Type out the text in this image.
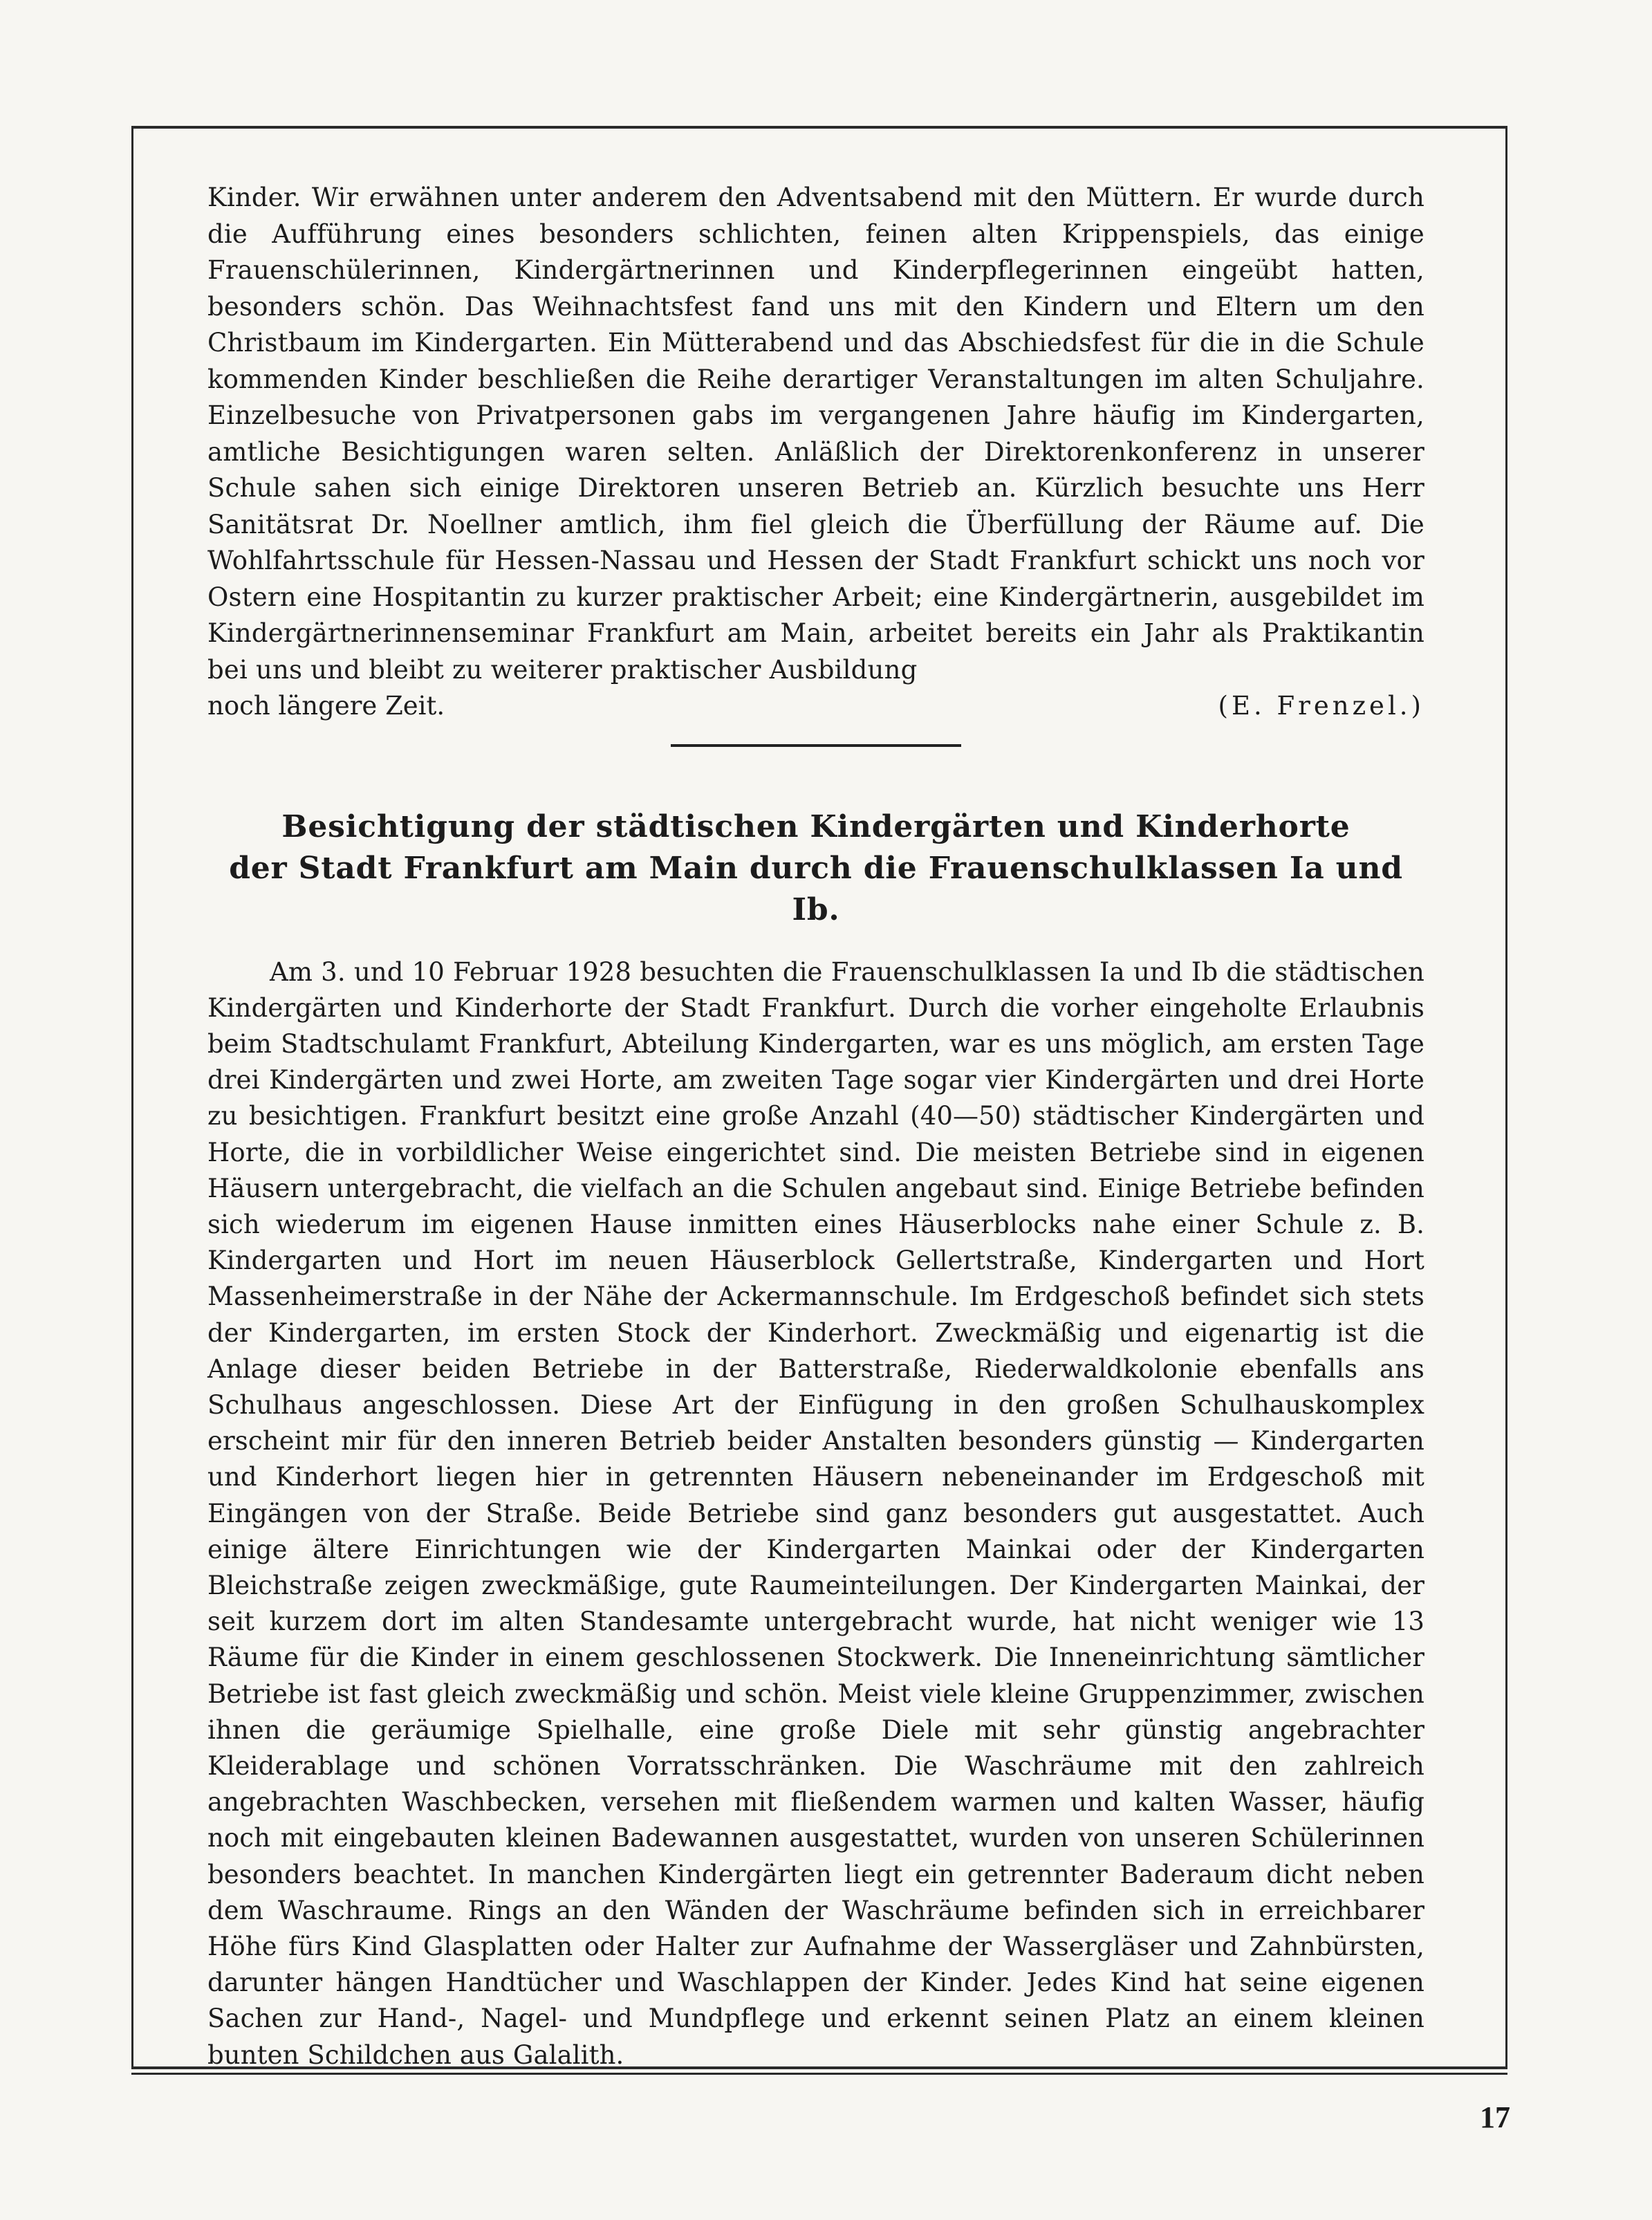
Kinder. Wir erwähnen unter anderem den Adventsabend mit den Müttern. Er wurde durch die Aufführung eines besonders schlichten, feinen alten Krippenspiels, das einige Frauenschülerinnen, Kindergärtnerinnen und Kinderpflegerinnen eingeübt hatten, besonders schön. Das Weihnachtsfest fand uns mit den Kindern und Eltern um den Christbaum im Kindergarten. Ein Mütterabend und das Abschiedsfest für die in die Schule kommenden Kinder beschließen die Reihe derartiger Veranstaltungen im alten Schuljahre. Einzelbesuche von Privatpersonen gabs im vergangenen Jahre häufig im Kindergarten, amtliche Besichtigungen waren selten. Anläßlich der Direktorenkonferenz in unserer Schule sahen sich einige Direktoren unseren Betrieb an. Kürzlich besuchte uns Herr Sanitätsrat Dr. Noellner amtlich, ihm fiel gleich die Überfüllung der Räume auf. Die Wohlfahrtsschule für Hessen-Nassau und Hessen der Stadt Frankfurt schickt uns noch vor Ostern eine Hospitantin zu kurzer praktischer Arbeit; eine Kindergärtnerin, ausgebildet im Kindergärtnerinnenseminar Frankfurt am Main, arbeitet bereits ein Jahr als Praktikantin bei uns und bleibt zu weiterer praktischer Ausbildung

noch längere Zeit.	(E. Frenzel.)
Besichtigung der städtischen Kindergärten und Kinderhorte
der Stadt Frankfurt am Main durch die Frauenschulklassen Ia und Ib.

Am 3. und 10 Februar 1928 besuchten die Frauenschulklassen Ia und Ib die städtischen Kindergärten und Kinderhorte der Stadt Frankfurt. Durch die vorher eingeholte Erlaubnis beim Stadtschulamt Frankfurt, Abteilung Kindergarten, war es uns möglich, am ersten Tage drei Kindergärten und zwei Horte, am zweiten Tage sogar vier Kindergärten und drei Horte zu besichtigen. Frankfurt besitzt eine große Anzahl (40—50) städtischer Kindergärten und Horte, die in vorbildlicher Weise eingerichtet sind. Die meisten Betriebe sind in eigenen Häusern untergebracht, die vielfach an die Schulen angebaut sind. Einige Betriebe befinden sich wiederum im eigenen Hause inmitten eines Häuserblocks nahe einer Schule z. B. Kindergarten und Hort im neuen Häuserblock Gellertstraße, Kindergarten und Hort Massenheimerstraße in der Nähe der Ackermannschule. Im Erdgeschoß befindet sich stets der Kindergarten, im ersten Stock der Kinderhort. Zweckmäßig und eigenartig ist die Anlage dieser beiden Betriebe in der Batterstraße, Riederwaldkolonie ebenfalls ans Schulhaus angeschlossen. Diese Art der Einfügung in den großen Schulhauskomplex erscheint mir für den inneren Betrieb beider Anstalten besonders günstig — Kindergarten und Kinderhort liegen hier in getrennten Häusern nebeneinander im Erdgeschoß mit Eingängen von der Straße. Beide Betriebe sind ganz besonders gut ausgestattet. Auch einige ältere Einrichtungen wie der Kindergarten Mainkai oder der Kindergarten Bleichstraße zeigen zweckmäßige, gute Raumeinteilungen. Der Kindergarten Mainkai, der seit kurzem dort im alten Standesamte untergebracht wurde, hat nicht weniger wie 13 Räume für die Kinder in einem geschlossenen Stockwerk. Die Inneneinrichtung sämtlicher Betriebe ist fast gleich zweckmäßig und schön. Meist viele kleine Gruppenzimmer, zwischen ihnen die geräumige Spielhalle, eine große Diele mit sehr günstig angebrachter Kleiderablage und schönen Vorratsschränken. Die Waschräume mit den zahlreich angebrachten Waschbecken, versehen mit fließendem warmen und kalten Wasser, häufig noch mit eingebauten kleinen Badewannen ausgestattet, wurden von unseren Schülerinnen besonders beachtet. In manchen Kindergärten liegt ein getrennter Baderaum dicht neben dem Waschraume. Rings an den Wänden der Waschräume befinden sich in erreichbarer Höhe fürs Kind Glasplatten oder Halter zur Aufnahme der Wassergläser und Zahnbürsten, darunter hängen Handtücher und Waschlappen der Kinder. Jedes Kind hat seine eigenen Sachen zur Hand-, Nagel- und Mundpflege und erkennt seinen Platz an einem kleinen bunten Schildchen aus Galalith.

17
